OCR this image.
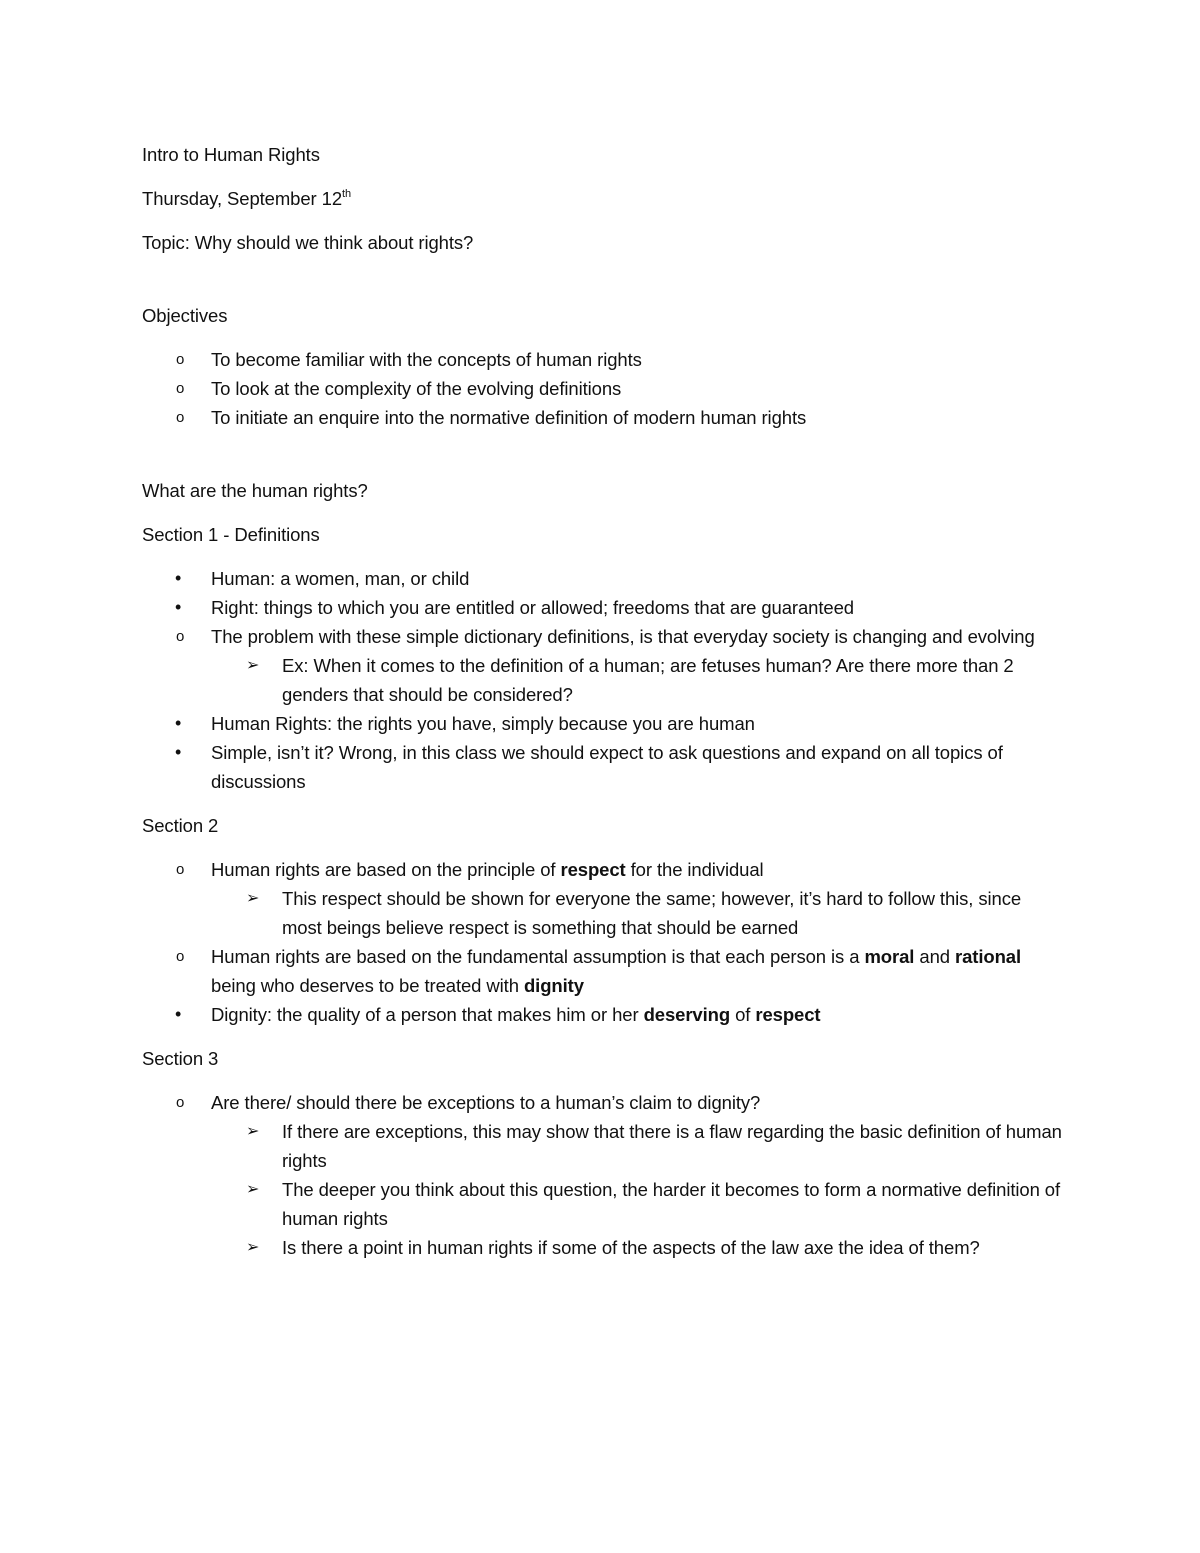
Intro to Human Rights

Thursday, September 12th

Topic: Why should we think about rights?

Objectives

o	To become familiar with the concepts of human rights
o	To look at the complexity of the evolving definitions
o	To initiate an enquire into the normative definition of modern human rights

What are the human rights?

Section 1 - Definitions

•	Human: a women, man, or child
•	Right: things to which you are entitled or allowed; freedoms that are guaranteed
o	The problem with these simple dictionary definitions, is that everyday society is changing and evolving
➢	Ex: When it comes to the definition of a human; are fetuses human? Are there more than 2 genders that should be considered?
•	Human Rights: the rights you have, simply because you are human
•	Simple, isn’t it? Wrong, in this class we should expect to ask questions and expand on all topics of discussions

Section 2

o	Human rights are based on the principle of respect for the individual
➢	This respect should be shown for everyone the same; however, it’s hard to follow this, since most beings believe respect is something that should be earned
o	Human rights are based on the fundamental assumption is that each person is a moral and rational being who deserves to be treated with dignity
•	Dignity: the quality of a person that makes him or her deserving of respect

Section 3

o	Are there/ should there be exceptions to a human’s claim to dignity?
➢	If there are exceptions, this may show that there is a flaw regarding the basic definition of human rights
➢	The deeper you think about this question, the harder it becomes to form a normative definition of human rights
➢	Is there a point in human rights if some of the aspects of the law axe the idea of them?
